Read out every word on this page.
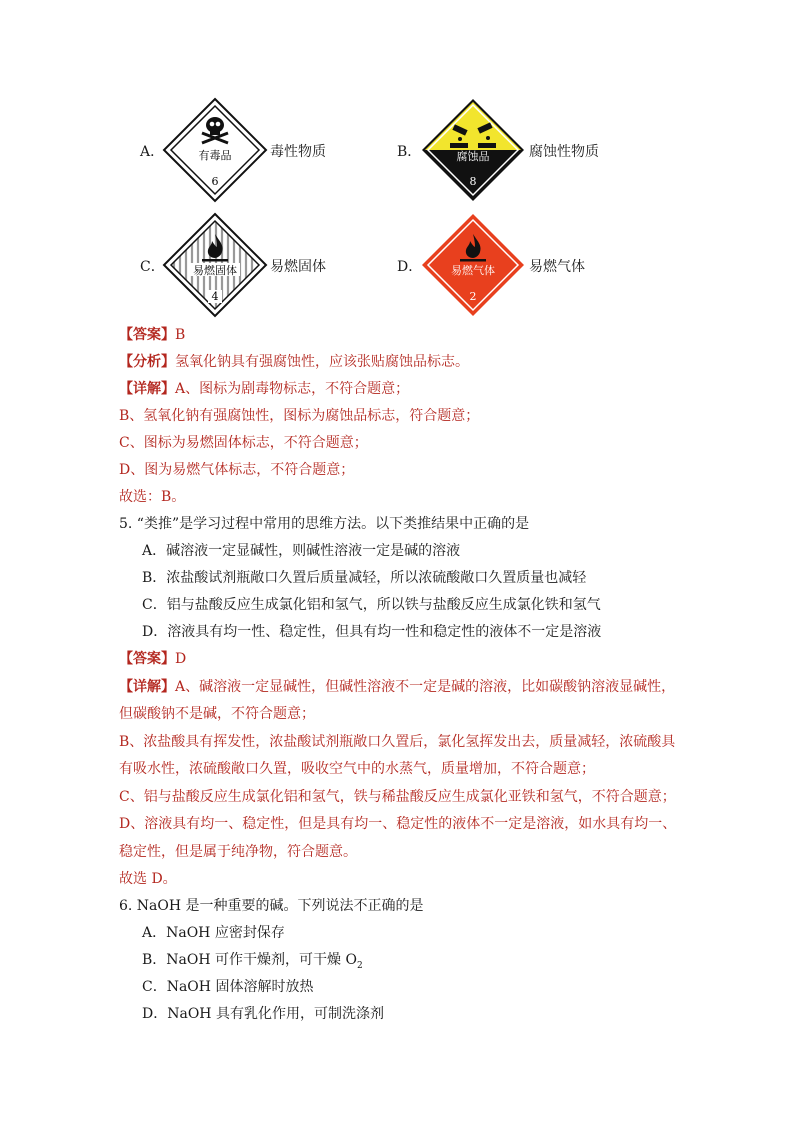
A．	有毒品
6
毒性物质	B．	腐蚀品
8
腐蚀性物质
C．	易燃固体
4
易燃固体	D．	易燃气体
2
易燃气体
【答案】B
【分析】氢氧化钠具有强腐蚀性，应该张贴腐蚀品标志。
【详解】A、图标为剧毒物标志，不符合题意；
B、氢氧化钠有强腐蚀性，图标为腐蚀品标志，符合题意；
C、图标为易燃固体标志，不符合题意；
D、图为易燃气体标志，不符合题意；
故选：B。
5. “类推”是学习过程中常用的思维方法。以下类推结果中正确的是
A．碱溶液一定显碱性，则碱性溶液一定是碱的溶液
B．浓盐酸试剂瓶敞口久置后质量减轻，所以浓硫酸敞口久置质量也减轻
C．铝与盐酸反应生成氯化铝和氢气，所以铁与盐酸反应生成氯化铁和氢气
D．溶液具有均一性、稳定性，但具有均一性和稳定性的液体不一定是溶液
【答案】D
【详解】A、碱溶液一定显碱性，但碱性溶液不一定是碱的溶液，比如碳酸钠溶液显碱性，
但碳酸钠不是碱，不符合题意；
B、浓盐酸具有挥发性，浓盐酸试剂瓶敞口久置后，氯化氢挥发出去，质量减轻，浓硫酸具
有吸水性，浓硫酸敞口久置，吸收空气中的水蒸气，质量增加，不符合题意；
C、铝与盐酸反应生成氯化铝和氢气，铁与稀盐酸反应生成氯化亚铁和氢气，不符合题意；
D、溶液具有均一、稳定性，但是具有均一、稳定性的液体不一定是溶液，如水具有均一、
稳定性，但是属于纯净物，符合题意。
故选 D。
6. NaOH 是一种重要的碱。下列说法不正确的是
A．NaOH 应密封保存
B．NaOH 可作干燥剂，可干燥 $O_2$
C．NaOH 固体溶解时放热
D．NaOH 具有乳化作用，可制洗涤剂
